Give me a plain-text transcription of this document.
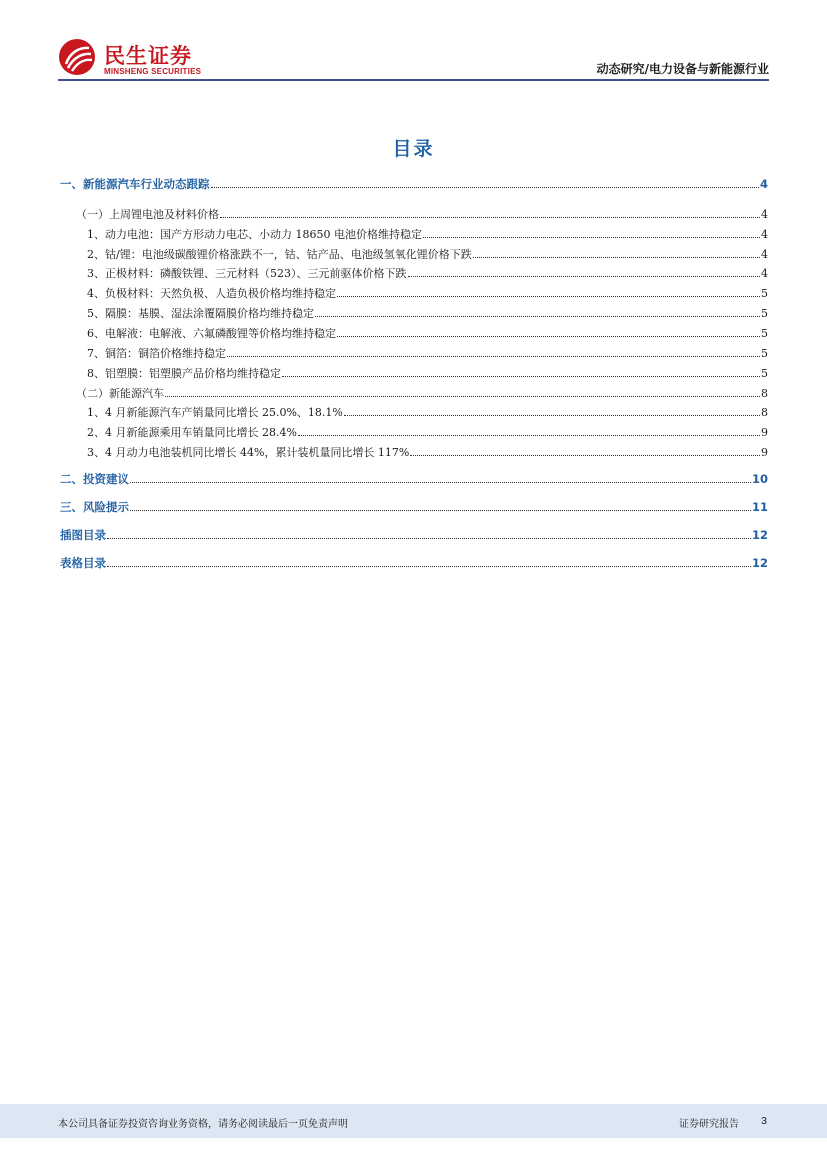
民生证券
MINSHENG SECURITIES	动态研究/电力设备与新能源行业
目录
一、新能源汽车行业动态跟踪	4
（一）上周锂电池及材料价格	4
1、动力电池：国产方形动力电芯、小动力 18650 电池价格维持稳定	4
2、钴/锂：电池级碳酸锂价格涨跌不一，钴、钴产品、电池级氢氧化锂价格下跌	4
3、正极材料：磷酸铁锂、三元材料（523）、三元前驱体价格下跌	4
4、负极材料：天然负极、人造负极价格均维持稳定	5
5、隔膜：基膜、湿法涂覆隔膜价格均维持稳定	5
6、电解液：电解液、六氟磷酸锂等价格均维持稳定	5
7、铜箔：铜箔价格维持稳定	5
8、铝塑膜：铝塑膜产品价格均维持稳定	5
（二）新能源汽车	8
1、4 月新能源汽车产销量同比增长 25.0%、18.1%	8
2、4 月新能源乘用车销量同比增长 28.4%	9
3、4 月动力电池装机同比增长 44%，累计装机量同比增长 117%	9
二、投资建议	10
三、风险提示	11
插图目录	12
表格目录	12
本公司具备证券投资咨询业务资格，请务必阅读最后一页免责声明	证券研究报告 3
